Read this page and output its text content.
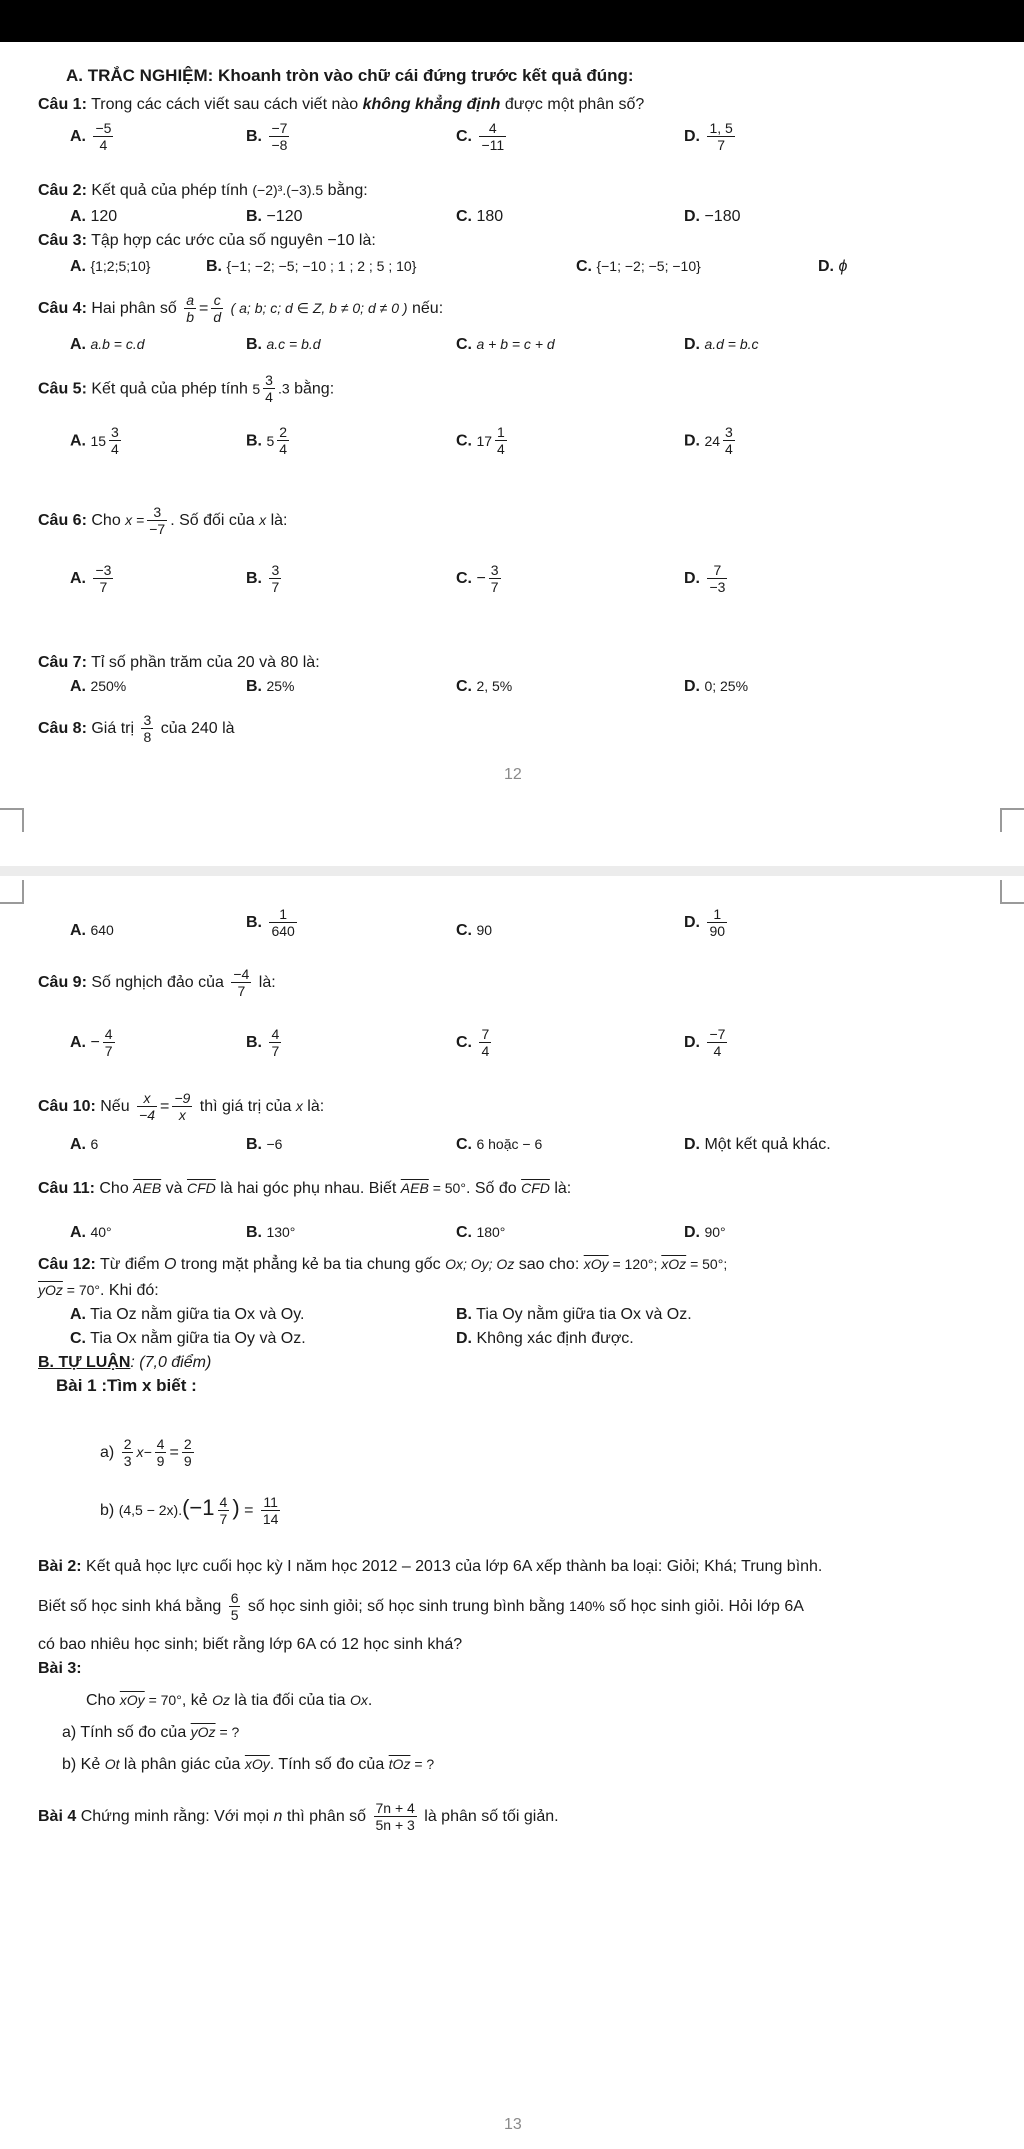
A. TRẮC NGHIỆM: Khoanh tròn vào chữ cái đứng trước kết quả đúng:
Câu 1: Trong các cách viết sau cách viết nào không khẳng định được một phân số?
A. $\frac{-5}{4}$	B. $\frac{-7}{-8}$	C. $\frac{4}{-11}$	D. $\frac{1, 5}{7}$
Câu 2: Kết quả của phép tính (−2)³.(−3).5 bằng:
A. 120	B. −120	C. 180	D. −180
Câu 3: Tập hợp các ước của số nguyên −10 là:
A. {1;2;5;10}	B. {−1; −2; −5; −10 ; 1 ; 2 ; 5 ; 10}	C. {−1; −2; −5; −10}	D. ϕ
Câu 4: Hai phân số $\frac{a}{b} = \frac{c}{d}$ ( a; b; c; d ∈ Z, b ≠ 0; d ≠ 0 ) nếu:
A. a.b = c.d	B. a.c = b.d	C. a + b = c + d	D. a.d = b.c
Câu 5: Kết quả của phép tính $5 \frac{3}{4} .3$ bằng:
A. $15 \frac{3}{4}$	B. $5 \frac{2}{4}$	C. $17 \frac{1}{4}$	D. $24 \frac{3}{4}$
Câu 6: Cho $x = \frac{3}{-7}$ . Số đối của x là:
A. $\frac{-3}{7}$	B. $\frac{3}{7}$	C. − $\frac{3}{7}$	D. $\frac{7}{-3}$
Câu 7: Tỉ số phần trăm của 20 và 80 là:
A. 250%	B. 25%	C. 2, 5%	D. 0; 25%
Câu 8: Giá trị $\frac{3}{8}$ của 240 là
12
A. 640	B. $\frac{1}{640}$	C. 90	D. $\frac{1}{90}$
Câu 9: Số nghịch đảo của $\frac{-4}{7}$ là:
A. − $\frac{4}{7}$	B. $\frac{4}{7}$	C. $\frac{7}{4}$	D. $\frac{-7}{4}$
Câu 10: Nếu $\frac{x}{-4} = \frac{-9}{x}$ thì giá trị của x là:
A. 6	B. −6	C. 6 hoặc − 6	D. Một kết quả khác.
Câu 11: Cho $\overline{AEB}$ và $\overline{CFD}$ là hai góc phụ nhau. Biết $\overline{AEB} = 50^\circ$. Số đo $\overline{CFD}$ là:
A. 40°	B. 130°	C. 180°	D. 90°
Câu 12: Từ điểm O trong mặt phẳng kẻ ba tia chung gốc Ox; Oy; Oz sao cho: $\overline{xOy} = 120^\circ$; $\overline{xOz} = 50^\circ$;
$\overline{yOz} = 70^\circ$. Khi đó:
A. Tia Oz nằm giữa tia Ox và Oy.	B. Tia Oy nằm giữa tia Ox và Oz.
C. Tia Ox nằm giữa tia Oy và Oz.	D. Không xác định được.
B. TỰ LUẬN: (7,0 điểm)
Bài 1 :Tìm x biết :
$a) \frac{2}{3} x- \frac{4}{9} = \frac{2}{9}$
b) $(4,5 - 2x).(-1 \frac{4}{7}$ ) = $\frac{11}{14}$
Bài 2: Kết quả học lực cuối học kỳ I năm học 2012 – 2013 của lớp 6A xếp thành ba loại: Giỏi; Khá; Trung bình.
Biết số học sinh khá bằng $\frac{6}{5}$ số học sinh giỏi; số học sinh trung bình bằng 140% số học sinh giỏi. Hỏi lớp 6A
có bao nhiêu học sinh; biết rằng lớp 6A có 12 học sinh khá?
Bài 3:
Cho $\overline{xOy} = 70^\circ$, kẻ Oz là tia đối của tia Ox.
a) Tính số đo của $\overline{yOz}$ = ?
b) Kẻ Ot là phân giác của $\overline{xOy}$. Tính số đo của $\overline{tOz}$ = ?
Bài 4 Chứng minh rằng: Với mọi n thì phân số $\frac{7n + 4}{5n + 3}$ là phân số tối giản.
13
